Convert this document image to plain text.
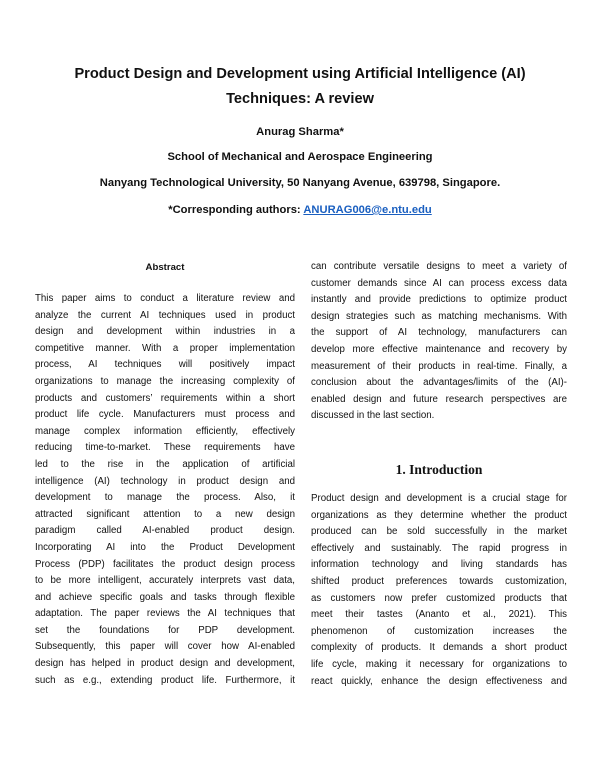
Product Design and Development using Artificial Intelligence (AI)
Techniques: A review
Anurag Sharma*
School of Mechanical and Aerospace Engineering
Nanyang Technological University, 50 Nanyang Avenue, 639798, Singapore.
*Corresponding authors: ANURAG006@e.ntu.edu
Abstract
This paper aims to conduct a literature review and
analyze the current AI techniques used in product
design and development within industries in a
competitive manner. With a proper implementation
process, AI techniques will positively impact
organizations to manage the increasing complexity of
products and customers’ requirements within a short
product life cycle. Manufacturers must process and
manage complex information efficiently, effectively
reducing time-to-market. These requirements have
led to the rise in the application of artificial
intelligence (AI) technology in product design and
development to manage the process. Also, it
attracted significant attention to a new design
paradigm called AI-enabled product design.
Incorporating AI into the Product Development
Process (PDP) facilitates the product design process
to be more intelligent, accurately interprets vast data,
and achieve specific goals and tasks through flexible
adaptation. The paper reviews the AI techniques that
set the foundations for PDP development.
Subsequently, this paper will cover how AI-enabled
design has helped in product design and development,
such as e.g., extending product life. Furthermore, it
can contribute versatile designs to meet a variety of
customer demands since AI can process excess data
instantly and provide predictions to optimize product
design strategies such as matching mechanisms. With
the support of AI technology, manufacturers can
develop more effective maintenance and recovery by
measurement of their products in real-time. Finally, a
conclusion about the advantages/limits of the (AI)-
enabled design and future research perspectives are
discussed in the last section.
1. Introduction
Product design and development is a crucial stage for
organizations as they determine whether the product
produced can be sold successfully in the market
effectively and sustainably. The rapid progress in
information technology and living standards has
shifted product preferences towards customization,
as customers now prefer customized products that
meet their tastes (Ananto et al., 2021). This
phenomenon of customization increases the
complexity of products. It demands a short product
life cycle, making it necessary for organizations to
react quickly, enhance the design effectiveness and
